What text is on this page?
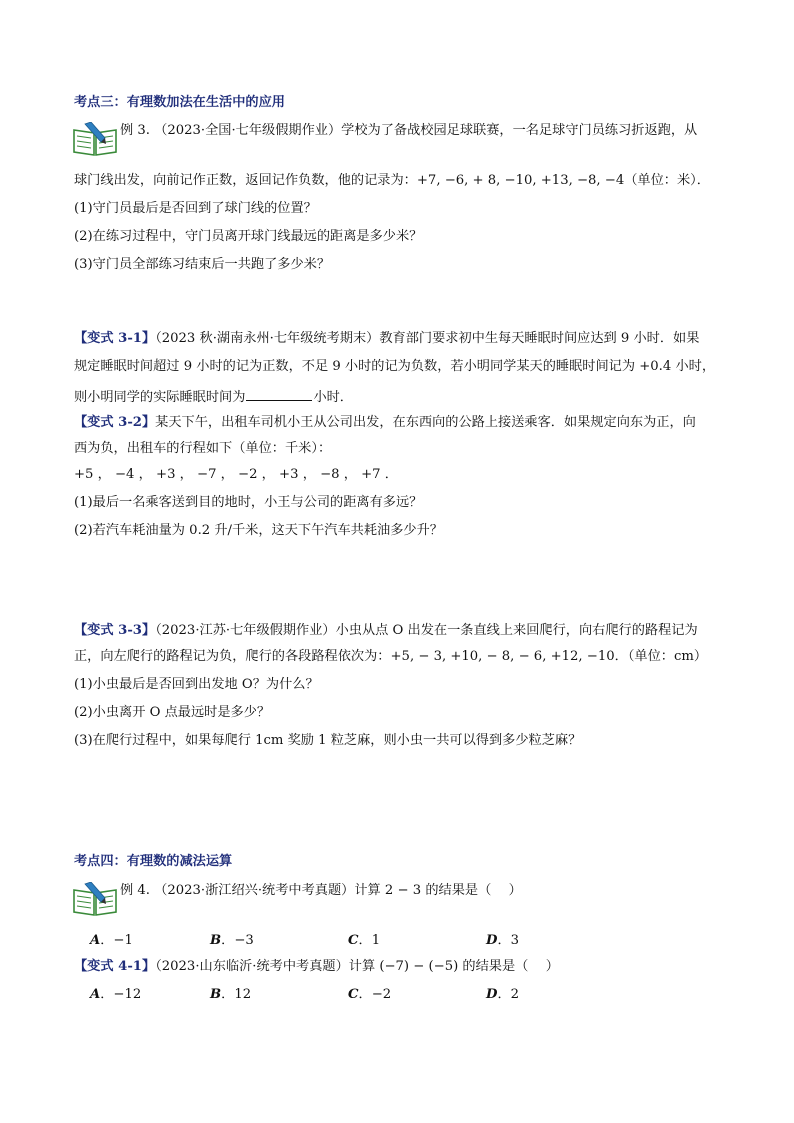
考点三：有理数加法在生活中的应用
例 3. （2023·全国·七年级假期作业）学校为了备战校园足球联赛，一名足球守门员练习折返跑，从
球门线出发，向前记作正数，返回记作负数，他的记录为：+7, −6, + 8, −10, +13, −8, −4（单位：米）．
(1)守门员最后是否回到了球门线的位置？
(2)在练习过程中，守门员离开球门线最远的距离是多少米？
(3)守门员全部练习结束后一共跑了多少米？
【变式 3-1】（2023 秋·湖南永州·七年级统考期末）教育部门要求初中生每天睡眠时间应达到 9 小时．如果
规定睡眠时间超过 9 小时的记为正数，不足 9 小时的记为负数，若小明同学某天的睡眠时间记为 +0.4 小时，
则小明同学的实际睡眠时间为	小时．
【变式 3-2】某天下午，出租车司机小王从公司出发，在东西向的公路上接送乘客．如果规定向东为正，向
西为负，出租车的行程如下（单位：千米）：
+5 ， −4 ， +3 ， −7 ， −2 ， +3 ， −8 ， +7 ．
(1)最后一名乘客送到目的地时，小王与公司的距离有多远？
(2)若汽车耗油量为 0.2 升/千米，这天下午汽车共耗油多少升？
【变式 3-3】（2023·江苏·七年级假期作业）小虫从点 O 出发在一条直线上来回爬行，向右爬行的路程记为
正，向左爬行的路程记为负，爬行的各段路程依次为：+5, − 3, +10, − 8, − 6, +12, −10．（单位：cm）
(1)小虫最后是否回到出发地 O？为什么？
(2)小虫离开 O 点最远时是多少？
(3)在爬行过程中，如果每爬行 1cm 奖励 1 粒芝麻，则小虫一共可以得到多少粒芝麻？
考点四：有理数的减法运算
例 4. （2023·浙江绍兴·统考中考真题）计算 2 − 3 的结果是（　 ）
A．−1	B．−3	C．1	D．3
【变式 4-1】（2023·山东临沂·统考中考真题）计算 (−7) − (−5) 的结果是（　 ）
A．−12	B．12	C．−2	D．2
